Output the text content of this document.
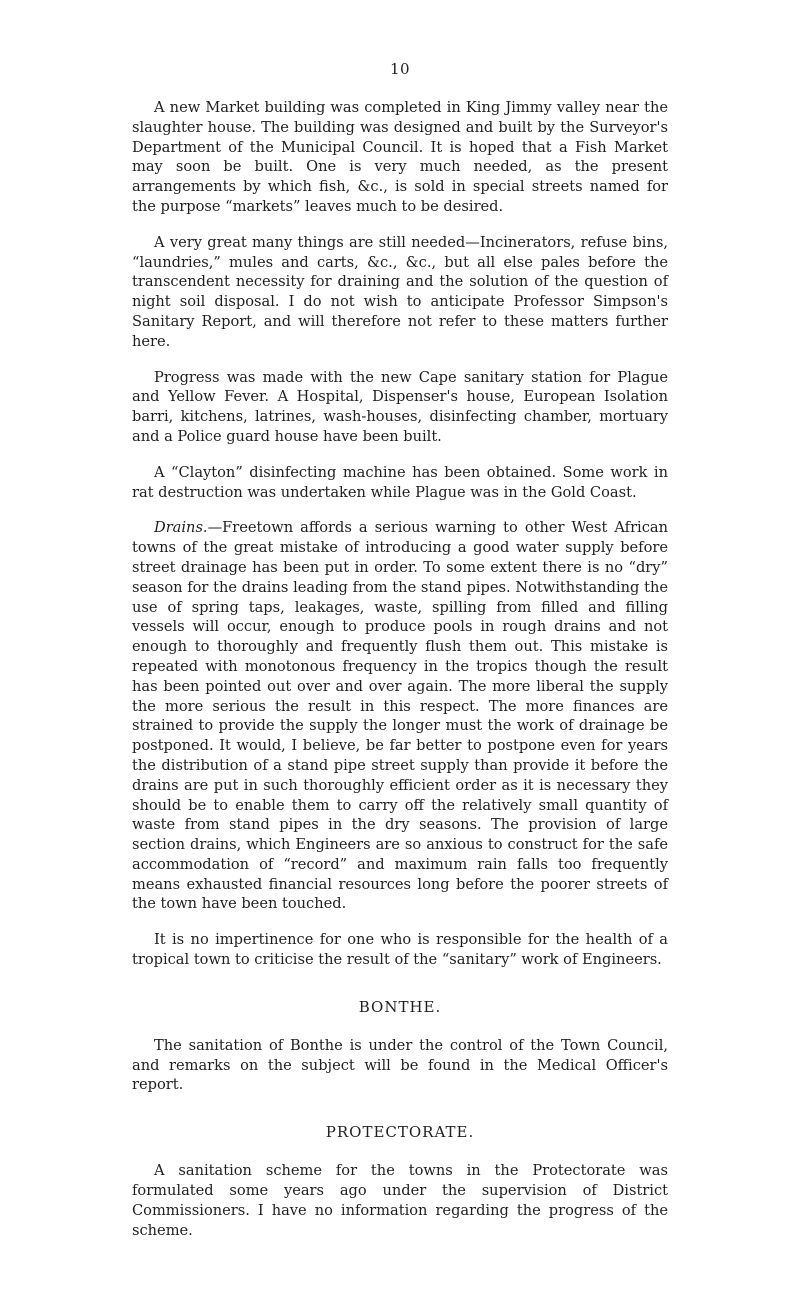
10

A new Market building was completed in King Jimmy valley near the slaughter house. The building was designed and built by the Surveyor's Department of the Municipal Council. It is hoped that a Fish Market may soon be built. One is very much needed, as the present arrangements by which fish, &c., is sold in special streets named for the purpose “markets” leaves much to be desired.

A very great many things are still needed—Incinerators, refuse bins, “laundries,” mules and carts, &c., &c., but all else pales before the transcendent necessity for draining and the solution of the question of night soil disposal. I do not wish to anticipate Professor Simpson's Sanitary Report, and will therefore not refer to these matters further here.

Progress was made with the new Cape sanitary station for Plague and Yellow Fever. A Hospital, Dispenser's house, European Isolation barri, kitchens, latrines, wash-houses, disinfecting chamber, mortuary and a Police guard house have been built.

A “Clayton” disinfecting machine has been obtained. Some work in rat destruction was undertaken while Plague was in the Gold Coast.

Drains.—Freetown affords a serious warning to other West African towns of the great mistake of introducing a good water supply before street drainage has been put in order. To some extent there is no “dry” season for the drains leading from the stand pipes. Notwithstanding the use of spring taps, leakages, waste, spilling from filled and filling vessels will occur, enough to produce pools in rough drains and not enough to thoroughly and frequently flush them out. This mistake is repeated with monotonous frequency in the tropics though the result has been pointed out over and over again. The more liberal the supply the more serious the result in this respect. The more finances are strained to provide the supply the longer must the work of drainage be postponed. It would, I believe, be far better to postpone even for years the distribution of a stand pipe street supply than provide it before the drains are put in such thoroughly efficient order as it is necessary they should be to enable them to carry off the relatively small quantity of waste from stand pipes in the dry seasons. The provision of large section drains, which Engineers are so anxious to construct for the safe accommodation of “record” and maximum rain falls too frequently means exhausted financial resources long before the poorer streets of the town have been touched.

It is no impertinence for one who is responsible for the health of a tropical town to criticise the result of the “sanitary” work of Engineers.

BONTHE.

The sanitation of Bonthe is under the control of the Town Council, and remarks on the subject will be found in the Medical Officer's report.

PROTECTORATE.

A sanitation scheme for the towns in the Protectorate was formulated some years ago under the supervision of District Commissioners. I have no information regarding the progress of the scheme.
